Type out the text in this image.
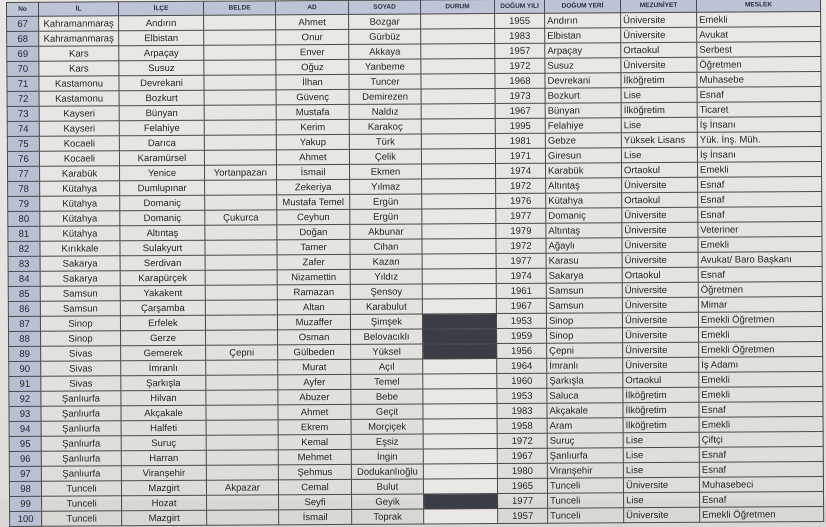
No	İL	İLÇE	BELDE	AD	SOYAD	DURUM	DOĞUM YILI	DOĞUM YERİ	MEZUNİYET	MESLEK
67	Kahramanmaraş	Andırın		Ahmet	Bozgar		1955	Andırın	Üniversite	Emekli
68	Kahramanmaraş	Elbistan		Onur	Gürbüz		1983	Elbistan	Üniversite	Avukat
69	Kars	Arpaçay		Enver	Akkaya		1957	Arpaçay	Ortaokul	Serbest
70	Kars	Susuz		Oğuz	Yanbeme		1972	Susuz	Üniversite	Öğretmen
71	Kastamonu	Devrekani		İlhan	Tuncer		1968	Devrekani	İlköğretim	Muhasebe
72	Kastamonu	Bozkurt		Güvenç	Demirezen		1973	Bozkurt	Lise	Esnaf
73	Kayseri	Bünyan		Mustafa	Naldız		1967	Bünyan	İlköğretim	Ticaret
74	Kayseri	Felahiye		Kerim	Karakoç		1995	Felahiye	Lise	İş İnsanı
75	Kocaeli	Darıca		Yakup	Türk		1981	Gebze	Yüksek Lisans	Yük. İnş. Müh.
76	Kocaeli	Karamürsel		Ahmet	Çelik		1971	Giresun	Lise	İş İnsanı
77	Karabük	Yenice	Yortanpazarı	İsmail	Ekmen		1974	Karabük	Ortaokul	Emekli
78	Kütahya	Dumlupınar		Zekeriya	Yılmaz		1972	Altıntaş	Üniversite	Esnaf
79	Kütahya	Domaniç		Mustafa Temel	Ergün		1976	Kütahya	Ortaokul	Esnaf
80	Kütahya	Domaniç	Çukurca	Ceyhun	Ergün		1977	Domaniç	Üniversite	Esnaf
81	Kütahya	Altıntaş		Doğan	Akbunar		1979	Altıntaş	Üniversite	Veteriner
82	Kırıkkale	Sulakyurt		Tamer	Cihan		1972	Ağaylı	Üniversite	Emekli
83	Sakarya	Serdivan		Zafer	Kazan		1977	Karasu	Üniversite	Avukat/ Baro Başkanı
84	Sakarya	Karapürçek		Nizamettin	Yıldız		1974	Sakarya	Ortaokul	Esnaf
85	Samsun	Yakakent		Ramazan	Şensoy		1961	Samsun	Üniversite	Öğretmen
86	Samsun	Çarşamba		Altan	Karabulut		1967	Samsun	Üniversite	Mimar
87	Sinop	Erfelek		Muzaffer	Şimşek		1953	Sinop	Üniversite	Emekli Öğretmen
88	Sinop	Gerze		Osman	Belovacıklı		1959	Sinop	Üniversite	Emekli
89	Sivas	Gemerek	Çepni	Gülbeden	Yüksel		1956	Çepni	Üniversite	Emekli Öğretmen
90	Sivas	İmranlı		Murat	Açıl		1964	İmranlı	Üniversite	İş Adamı
91	Sivas	Şarkışla		Ayfer	Temel		1960	Şarkışla	Ortaokul	Emekli
92	Şanlıurfa	Hilvan		Abuzer	Bebe		1953	Saluca	İlköğretim	Emekli
93	Şanlıurfa	Akçakale		Ahmet	Geçit		1983	Akçakale	İlköğretim	Esnaf
94	Şanlıurfa	Halfeti		Ekrem	Morçiçek		1958	Aram	İlköğretim	Emekli
95	Şanlıurfa	Suruç		Kemal	Eşsiz		1972	Suruç	Lise	Çiftçi
96	Şanlıurfa	Harran		Mehmet	İngin		1967	Şanlıurfa	Lise	Esnaf
97	Şanlıurfa	Viranşehir		Şehmus	Dodukanlıoğlu		1980	Viranşehir	Lise	Esnaf
98	Tunceli	Mazgirt	Akpazar	Cemal	Bulut		1965	Tunceli	Üniversite	Muhasebeci
99	Tunceli	Hozat		Seyfi	Geyik		1977	Tunceli	Lise	Esnaf
100	Tunceli	Mazgirt		İsmail	Toprak		1957	Tunceli	Üniversite	Emekli Öğretmen
